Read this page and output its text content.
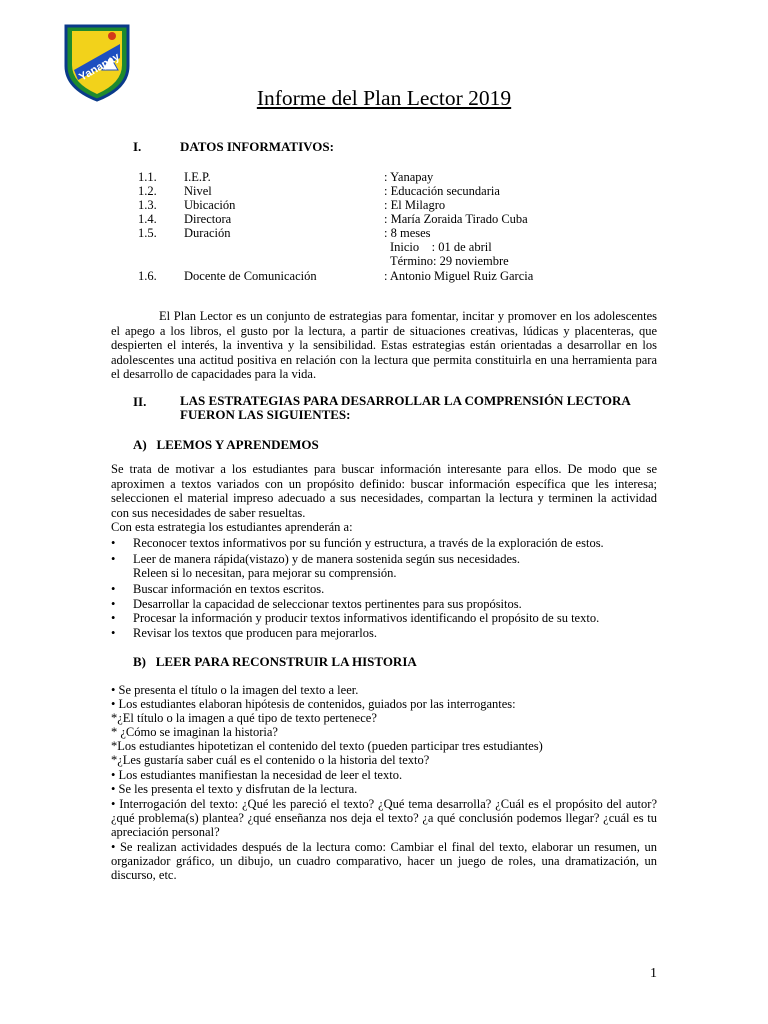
Yanapay
Informe del Plan Lector 2019
I.	DATOS INFORMATIVOS:
1.1. I.E.P.	: Yanapay
1.2. Nivel	: Educación secundaria
1.3. Ubicación	: El Milagro
1.4. Directora	: María Zoraida Tirado Cuba
1.5. Duración	: 8 meses
Inicio    : 01 de abril
Término: 29 noviembre
1.6. Docente de Comunicación	: Antonio Miguel Ruiz Garcia
El Plan Lector es un conjunto de estrategias para fomentar, incitar y promover en los adolescentes el apego a los libros, el gusto por la lectura, a partir de situaciones creativas, lúdicas y placenteras, que despierten el interés, la inventiva y la sensibilidad. Estas estrategias están orientadas a desarrollar en los adolescentes una actitud positiva en relación con la lectura que permita constituirla en una herramienta para el desarrollo de capacidades para la vida.
II.	LAS ESTRATEGIAS PARA DESARROLLAR LA COMPRENSIÓN LECTORA
FUERON LAS SIGUIENTES:
A)   LEEMOS Y APRENDEMOS
Se trata de motivar a los estudiantes para buscar información interesante para ellos. De modo que se aproximen a textos variados con un propósito definido: buscar información específica que les interesa; seleccionen el material impreso adecuado a sus necesidades, compartan la lectura y terminen la actividad con sus necesidades de saber resueltas.
Con esta estrategia los estudiantes aprenderán a:
• Reconocer textos informativos por su función y estructura, a través de la exploración de estos.
• Leer de manera rápida(vistazo) y de manera sostenida según sus necesidades.
Releen si lo necesitan, para mejorar su comprensión.
• Buscar información en textos escritos.
• Desarrollar la capacidad de seleccionar textos pertinentes para sus propósitos.
• Procesar la información y producir textos informativos identificando el propósito de su texto.
• Revisar los textos que producen para mejorarlos.
B)   LEER PARA RECONSTRUIR LA HISTORIA
• Se presenta el título o la imagen del texto a leer.
• Los estudiantes elaboran hipótesis de contenidos, guiados por las interrogantes:
*¿El título o la imagen a qué tipo de texto pertenece?
* ¿Cómo se imaginan la historia?
*Los estudiantes hipotetizan el contenido del texto (pueden participar tres estudiantes)
*¿Les gustaría saber cuál es el contenido o la historia del texto?
• Los estudiantes manifiestan la necesidad de leer el texto.
• Se les presenta el texto y disfrutan de la lectura.
• Interrogación del texto: ¿Qué les pareció el texto? ¿Qué tema desarrolla? ¿Cuál es el propósito del autor? ¿qué problema(s) plantea? ¿qué enseñanza nos deja el texto? ¿a qué conclusión podemos llegar? ¿cuál es tu apreciación personal?
• Se realizan actividades después de la lectura como: Cambiar el final del texto, elaborar un resumen, un organizador gráfico, un dibujo, un cuadro comparativo, hacer un juego de roles, una dramatización, un discurso, etc.
1
